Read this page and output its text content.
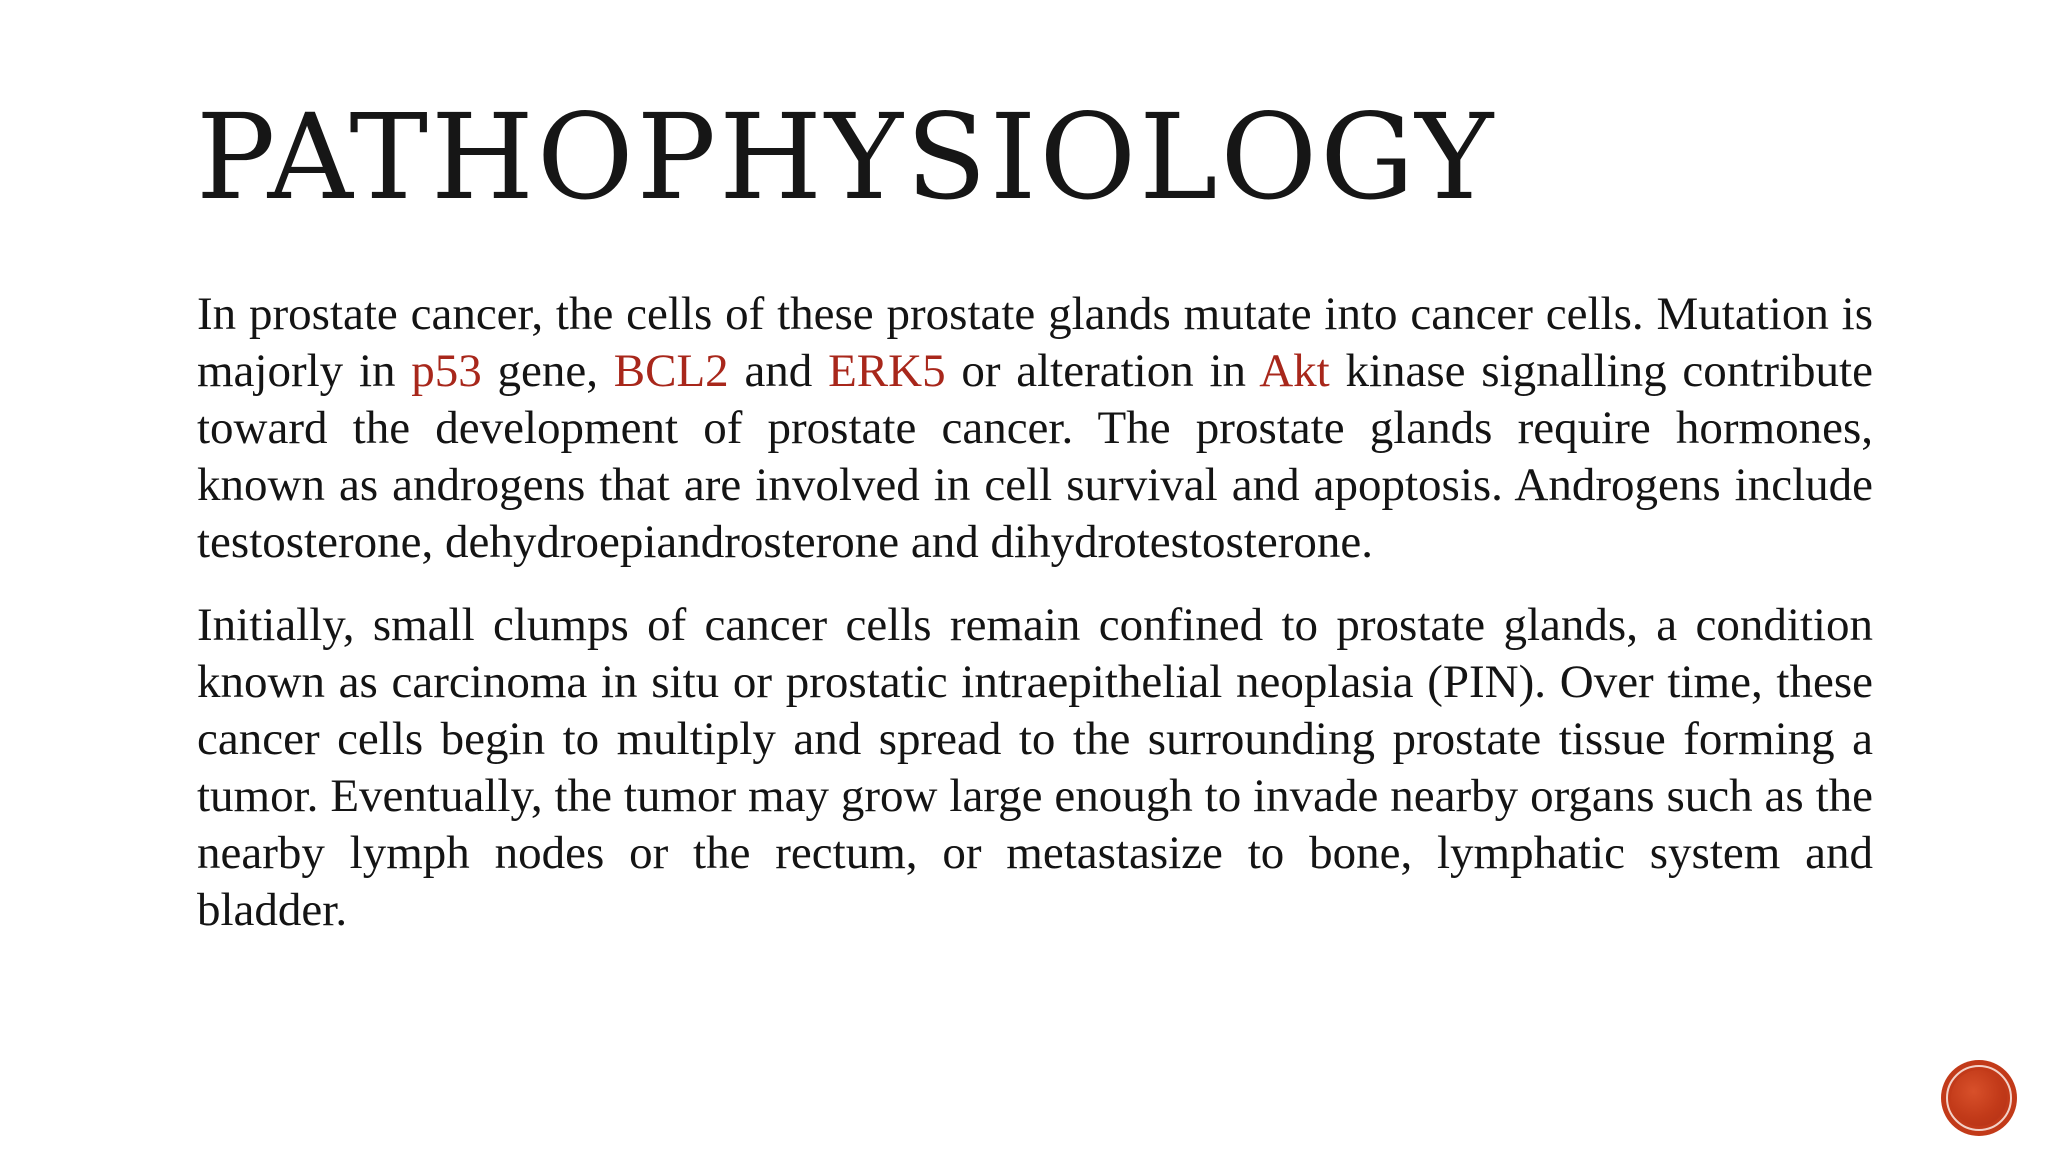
PATHOPHYSIOLOGY

In prostate cancer, the cells of these prostate glands mutate into cancer cells. Mutation is majorly in p53 gene, BCL2 and ERK5 or alteration in Akt kinase signalling contribute toward the development of prostate cancer. The prostate glands require hormones, known as androgens that are involved in cell survival and apoptosis. Androgens include testosterone, dehydroepiandrosterone and dihydrotestosterone.

Initially, small clumps of cancer cells remain confined to prostate glands, a condition known as carcinoma in situ or prostatic intraepithelial neoplasia (PIN). Over time, these cancer cells begin to multiply and spread to the surrounding prostate tissue forming a tumor. Eventually, the tumor may grow large enough to invade nearby organs such as the nearby lymph nodes or the rectum, or metastasize to bone, lymphatic system and bladder.
